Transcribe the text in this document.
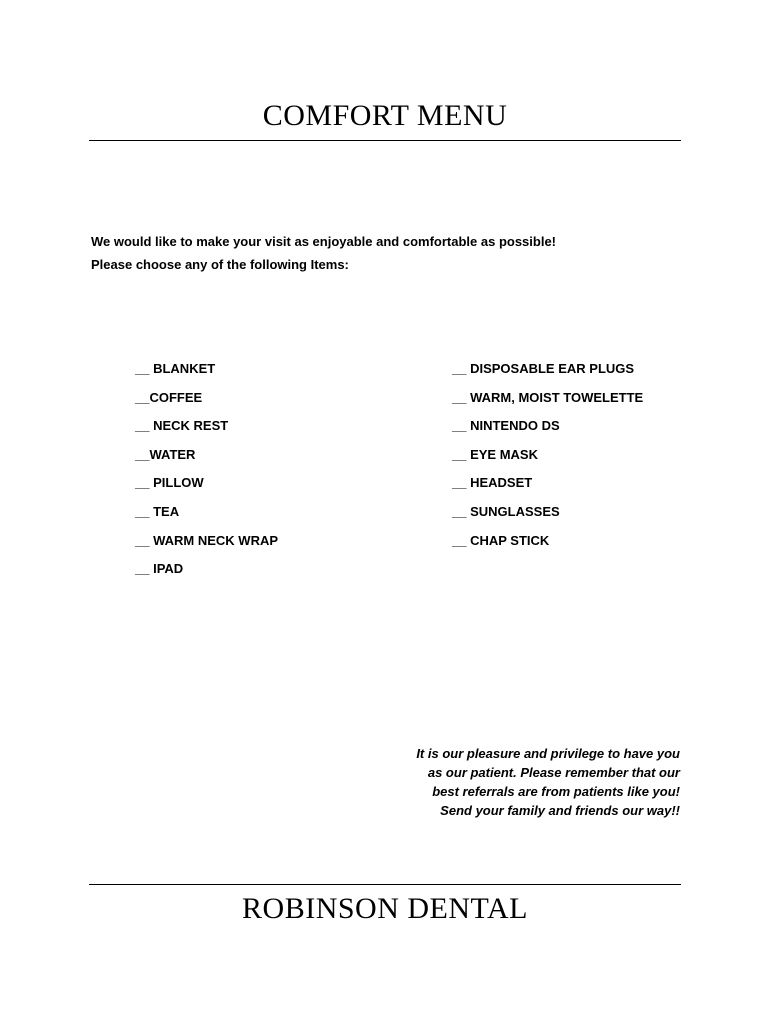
COMFORT MENU
We would like to make your visit as enjoyable and comfortable as possible!
Please choose any of the following Items:
__ BLANKET
__COFFEE
__ NECK REST
__WATER
__ PILLOW
__ TEA
__ WARM NECK WRAP
__ IPAD
__ DISPOSABLE EAR PLUGS
__ WARM, MOIST TOWELETTE
__ NINTENDO DS
__ EYE MASK
__ HEADSET
__ SUNGLASSES
__ CHAP STICK
It is our pleasure and privilege to have you
as our patient. Please remember that our
best referrals are from patients like you!
Send your family and friends our way!!
ROBINSON DENTAL
